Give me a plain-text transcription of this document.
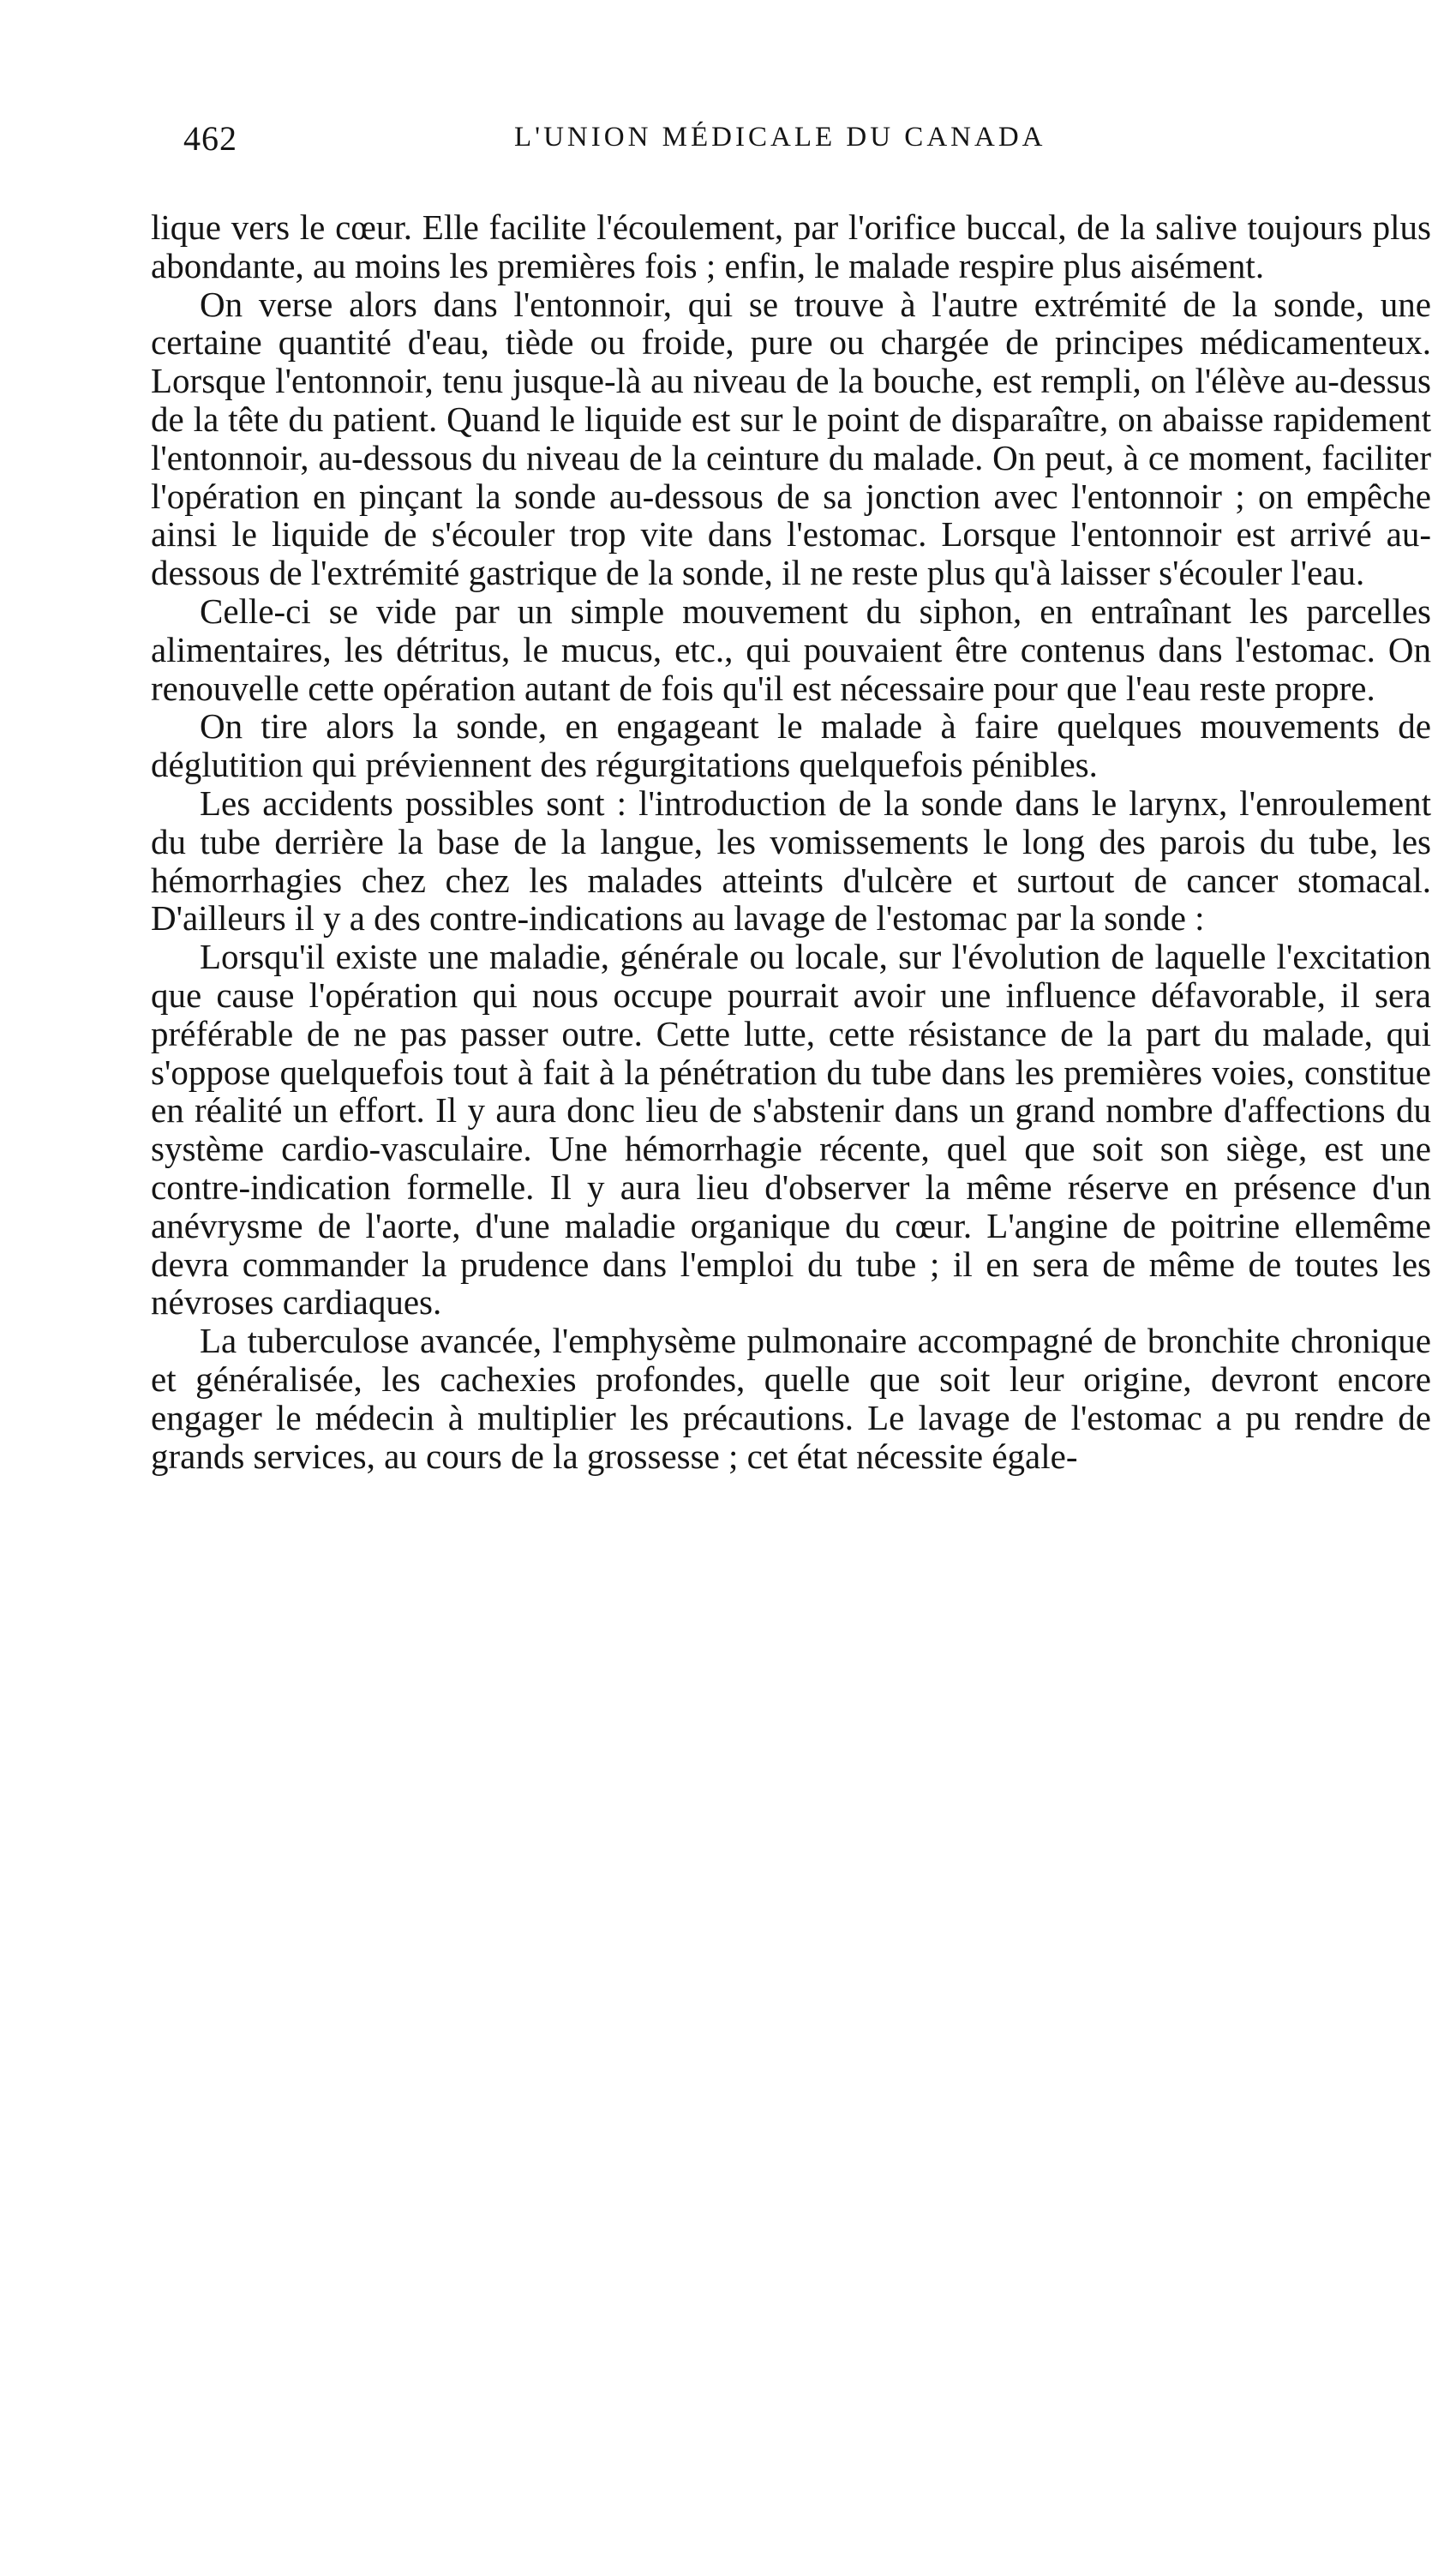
462	L'UNION MÉDICALE DU CANADA

lique vers le cœur. Elle facilite l'écoulement, par l'orifice buccal, de la salive toujours plus abondante, au moins les premières fois ; enfin, le malade respire plus aisément.

On verse alors dans l'entonnoir, qui se trouve à l'autre extrémité de la sonde, une certaine quantité d'eau, tiède ou froide, pure ou chargée de principes médicamenteux. Lorsque l'entonnoir, tenu jusque-là au niveau de la bouche, est rempli, on l'élève au-dessus de la tête du patient. Quand le liquide est sur le point de disparaître, on abaisse rapidement l'entonnoir, au-dessous du niveau de la ceinture du malade. On peut, à ce moment, faciliter l'opération en pinçant la sonde au-dessous de sa jonction avec l'entonnoir ; on empêche ainsi le liquide de s'écouler trop vite dans l'estomac. Lorsque l'entonnoir est arrivé au-dessous de l'extrémité gastrique de la sonde, il ne reste plus qu'à laisser s'écouler l'eau.

Celle-ci se vide par un simple mouvement du siphon, en entraînant les parcelles alimentaires, les détritus, le mucus, etc., qui pouvaient être contenus dans l'estomac. On renouvelle cette opération autant de fois qu'il est nécessaire pour que l'eau reste propre.

On tire alors la sonde, en engageant le malade à faire quelques mouvements de déglutition qui préviennent des régurgitations quelquefois pénibles.

Les accidents possibles sont : l'introduction de la sonde dans le larynx, l'enroulement du tube derrière la base de la langue, les vomissements le long des parois du tube, les hémorrhagies chez chez les malades atteints d'ulcère et surtout de cancer stomacal. D'ailleurs il y a des contre-indications au lavage de l'estomac par la sonde :

Lorsqu'il existe une maladie, générale ou locale, sur l'évolution de laquelle l'excitation que cause l'opération qui nous occupe pourrait avoir une influence défavorable, il sera préférable de ne pas passer outre. Cette lutte, cette résistance de la part du malade, qui s'oppose quelquefois tout à fait à la pénétration du tube dans les premières voies, constitue en réalité un effort. Il y aura donc lieu de s'abstenir dans un grand nombre d'affections du système cardio-vasculaire. Une hémorrhagie récente, quel que soit son siège, est une contre-indication formelle. Il y aura lieu d'observer la même réserve en présence d'un anévrysme de l'aorte, d'une maladie organique du cœur. L'angine de poitrine ellemême devra commander la prudence dans l'emploi du tube ; il en sera de même de toutes les névroses cardiaques.

La tuberculose avancée, l'emphysème pulmonaire accompagné de bronchite chronique et généralisée, les cachexies profondes, quelle que soit leur origine, devront encore engager le médecin à multiplier les précautions. Le lavage de l'estomac a pu rendre de grands services, au cours de la grossesse ; cet état nécessite égale-
